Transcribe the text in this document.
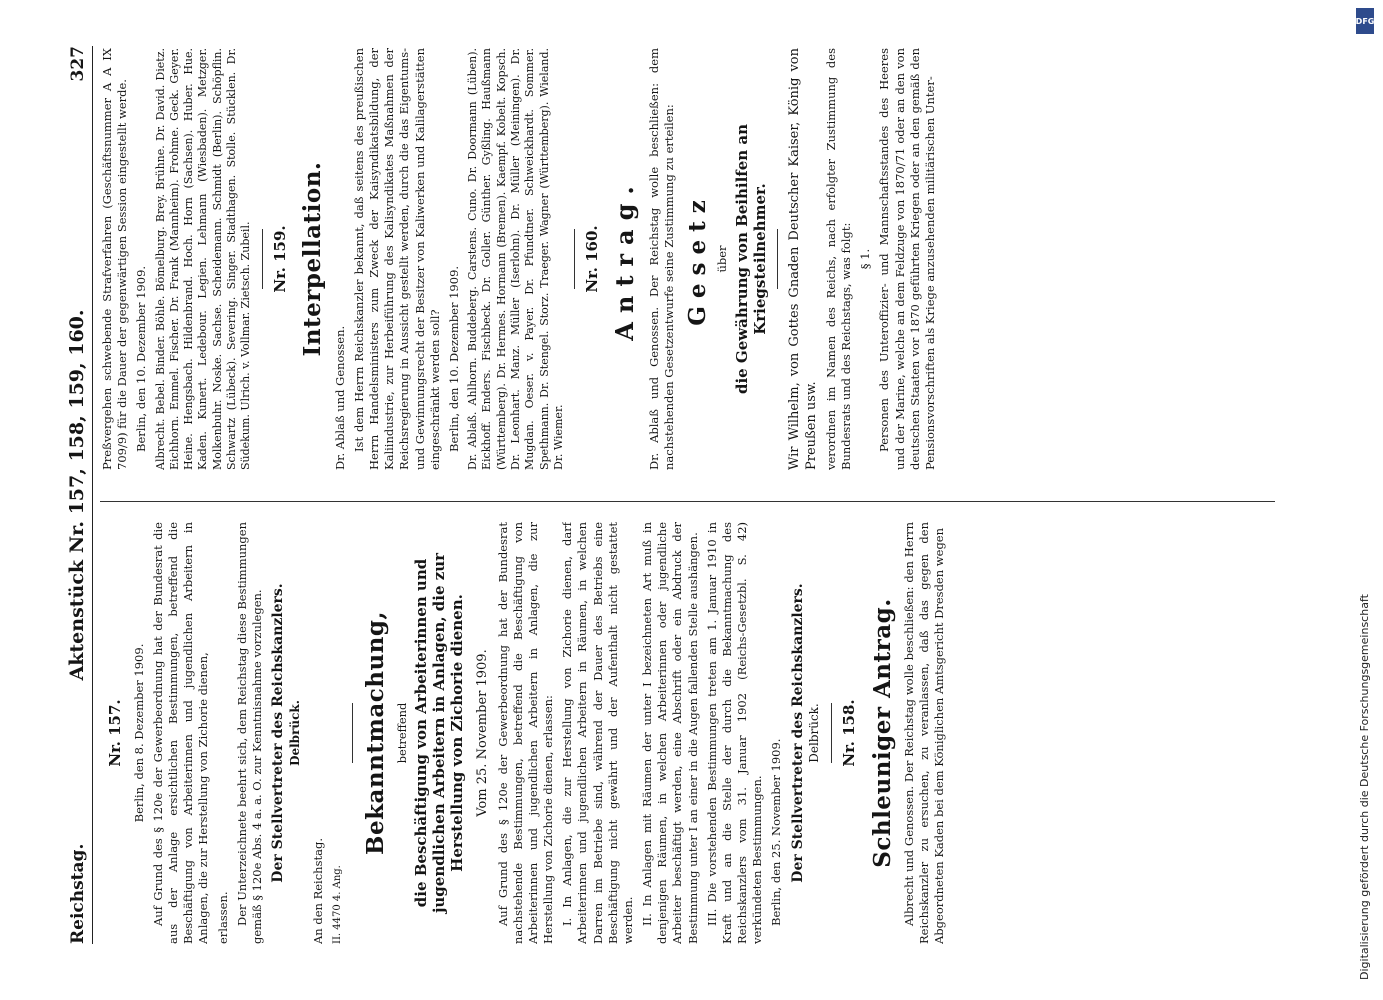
Reichstag.
Aktenstück Nr. 157, 158, 159, 160.
327
Nr. 157. Berlin, den 8. Dezember 1909. Auf Grund des § 120e der Gewerbeordnung hat der Bundesrat die aus der Anlage ersichtlichen Bestimmungen, betreffend die Beschäftigung von Arbeiterinnen und jugendlichen Arbeitern in Anlagen, die zur Herstellung von Zichorie dienen, erlassen. Der Unterzeichnete beehrt sich, dem Reichstag diese Bestimmungen gemäß § 120e Abs. 4 a. a. O. zur Kenntnisnahme vorzulegen. Der Stellvertreter des Reichskanzlers. Delbrück.

An den Reichstag. II. 4470 4. Ang.

Bekanntmachung, betreffend die Beschäftigung von Arbeiterinnen und jugendlichen Arbeitern in Anlagen, die zur Herstellung von Zichorie dienen. Vom 25. November 1909. Auf Grund des § 120e der Gewerbeordnung hat der Bundesrat nachstehende Bestimmungen, betreffend die Beschäftigung von Arbeiterinnen und jugendlichen Arbeitern in Anlagen, die zur Herstellung von Zichorie dienen, erlassen: I. In Anlagen, die zur Herstellung von Zichorie dienen, darf Arbeiterinnen und jugendlichen Arbeitern in Räumen, in welchen Darren im Betriebe sind, während der Dauer des Betriebs eine Beschäftigung nicht gewährt und der Aufenthalt nicht gestattet werden. II. In Anlagen mit Räumen der unter I bezeichneten Art muß in denjenigen Räumen, in welchen Arbeiterinnen oder jugendliche Arbeiter beschäftigt werden, eine Abschrift oder ein Abdruck der Bestimmung unter I an einer in die Augen fallenden Stelle aushängen. III. Die vorstehenden Bestimmungen treten am 1. Januar 1910 in Kraft und an die Stelle der durch die Bekanntmachung des Reichskanzlers vom 31. Januar 1902 (Reichs-Gesetzbl. S. 42) verkündeten Bestimmungen. Berlin, den 25. November 1909. Der Stellvertreter des Reichskanzlers. Delbrück. Nr. 158. Schleuniger Antrag. Albrecht und Genossen. Der Reichstag wolle beschließen: den Herrn Reichskanzler zu ersuchen, zu veranlassen, daß das gegen den Abgeordneten Kaden bei dem Königlichen Amtsgericht Dresden wegen

Preßvergehen schwebende Strafverfahren (Geschäftsnummer A A IX 709/9) für die Dauer der gegenwärtigen Session eingestellt werde. Berlin, den 10. Dezember 1909. Albrecht. Bebel. Binder. Böhle. Bömelburg. Brey. Brühne. Dr. David. Dietz. Eichhorn. Emmel. Fischer. Dr. Frank (Mannheim). Frohme. Geck. Geyer. Heine. Hengsbach. Hildenbrand. Hoch. Horn (Sachsen). Huber. Hue. Kaden. Kunert. Ledebour. Legien. Lehmann (Wiesbaden). Metzger. Molkenbuhr. Noske. Sachse. Scheidemann. Schmidt (Berlin). Schöpflin. Schwartz (Lübeck). Severing. Singer. Stadthagen. Stolle. Stücklen. Dr. Südekum. Ulrich. v. Vollmar. Zietsch. Zubeil. Nr. 159. Interpellation.

Dr. Ablaß und Genossen. Ist dem Herrn Reichskanzler bekannt, daß seitens des preußischen Herrn Handelsministers zum Zweck der Kaisyndikatsbildung, der Kaliindustrie, zur Herbeiführung des Kalisyndikates Maßnahmen der Reichsregierung in Aussicht gestellt werden, durch die das Eigentums- und Gewinnungsrecht der Besitzer von Kaliwerken und Kalilagerstätten eingeschränkt werden soll? Berlin, den 10. Dezember 1909. Dr. Ablaß. Ahlhorn. Buddeberg. Carstens. Cuno. Dr. Doormann (Lüben). Eickhoff. Enders. Fischbeck. Dr. Goller. Günther. Gyßling. Haußmann (Württemberg). Dr. Hermes. Hormann (Bremen). Kaempf. Kobelt. Kopsch. Dr. Leonhart. Manz. Müller (Iserlohn). Dr. Müller (Meiningen). Dr. Mugdan. Oeser. v. Payer. Dr. Pfundtner. Schweickhardt. Sommer. Spethmann. Dr. Stengel. Storz. Traeger. Wagner (Württemberg). Wieland. Dr. Wiemer.

Nr. 160. Antrag. Dr. Ablaß und Genossen. Der Reichstag wolle beschließen: dem nachstehenden Gesetzentwurfe seine Zustimmung zu erteilen: Gesetz über die Gewährung von Beihilfen an Kriegsteilnehmer. Wir Wilhelm, von Gottes Gnaden Deutscher Kaiser, König von Preußen usw. verordnen im Namen des Reichs, nach erfolgter Zustimmung des Bundesrats und des Reichstags, was folgt: § 1. Personen des Unteroffizier- und Mannschaftsstandes des Heeres und der Marine, welche an dem Feldzuge von 1870/71 oder an den von deutschen Staaten vor 1870 geführten Kriegen oder an den gemäß den Pensionsvorschriften als Kriege anzusehenden militärischen Unter-

DFG
Digitalisierung gefördert durch die Deutsche Forschungsgemeinschaft
